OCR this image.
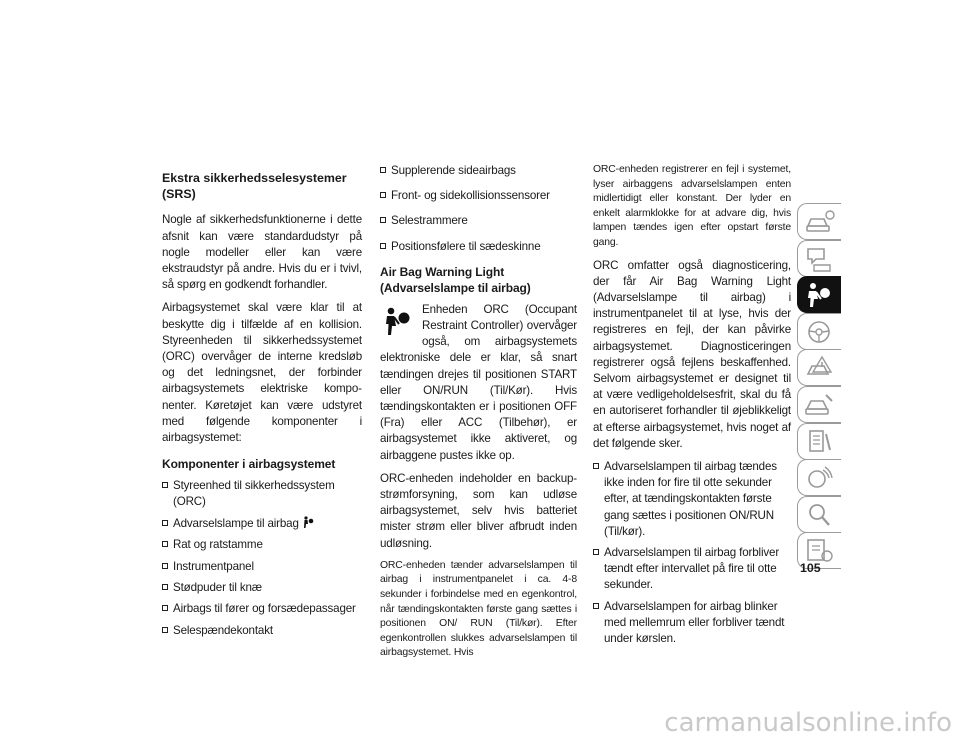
Ekstra sikkerhedsselesystemer (SRS)

Nogle af sikkerhedsfunktionerne i dette afsnit kan være standardudstyr på nogle modeller eller kan være ekstraudstyr på andre. Hvis du er i tvivl, så spørg en godkendt forhandler.

Airbagsystemet skal være klar til at beskytte dig i tilfælde af en kollision. Styreenheden til sikkerhedssystemet (ORC) overvåger de interne kredsløb og det ledningsnet, der forbinder airbagsystemets elektriske komponenter. Køretøjet kan være udstyret med følgende komponenter i airbagsystemet:

Komponenter i airbagsystemet
Styreenhed til sikkerhedssystem (ORC)
Advarselslampe til airbag
Rat og ratstamme
Instrumentpanel
Stødpuder til knæ
Airbags til fører og forsædepassager
Selespændekontakt
Supplerende sideairbags
Front- og sidekollisionssensorer
Selestrammere
Positionsfølere til sædeskinne
Air Bag Warning Light (Advarselslampe til airbag)

Enheden ORC (Occupant Restraint Controller) overvåger også, om airbagsystemets elektroniske dele er klar, så snart tændingen drejes til positionen START eller ON/RUN (Til/Kør). Hvis tændingskontakten er i positionen OFF (Fra) eller ACC (Tilbehør), er airbagsystemet ikke aktiveret, og airbaggene pustes ikke op.

ORC-enheden indeholder en backup-strømforsyning, som kan udløse airbagsystemet, selv hvis batteriet mister strøm eller bliver afbrudt inden udløsning.

ORC-enheden tænder advarselslampen til airbag i instrumentpanelet i ca. 4-8 sekunder i forbindelse med en egenkontrol, når tændingskontakten første gang sættes i positionen ON/ RUN (Til/kør). Efter egenkontrollen slukkes advarselslampen til airbagsystemet. Hvis

ORC-enheden registrerer en fejl i systemet, lyser airbaggens advarselslampen enten midlertidigt eller konstant. Der lyder en enkelt alarmklokke for at advare dig, hvis lampen tændes igen efter opstart første gang.

ORC omfatter også diagnosticering, der får Air Bag Warning Light (Advarselslampe til airbag) i instrumentpanelet til at lyse, hvis der registreres en fejl, der kan påvirke airbagsystemet. Diagnosticeringen registrerer også fejlens beskaffenhed. Selvom airbagsystemet er designet til at være vedligeholdelsesfrit, skal du få en autoriseret forhandler til øjeblikkeligt at efterse airbagsystemet, hvis noget af det følgende sker.

Advarselslampen til airbag tændes ikke inden for fire til otte sekunder efter, at tændingskontakten første gang sættes i positionen ON/RUN (Til/kør).
Advarselslampen til airbag forbliver tændt efter intervallet på fire til otte sekunder.
Advarselslampen for airbag blinker med mellemrum eller forbliver tændt under kørslen.
105
carmanualsonline.info
